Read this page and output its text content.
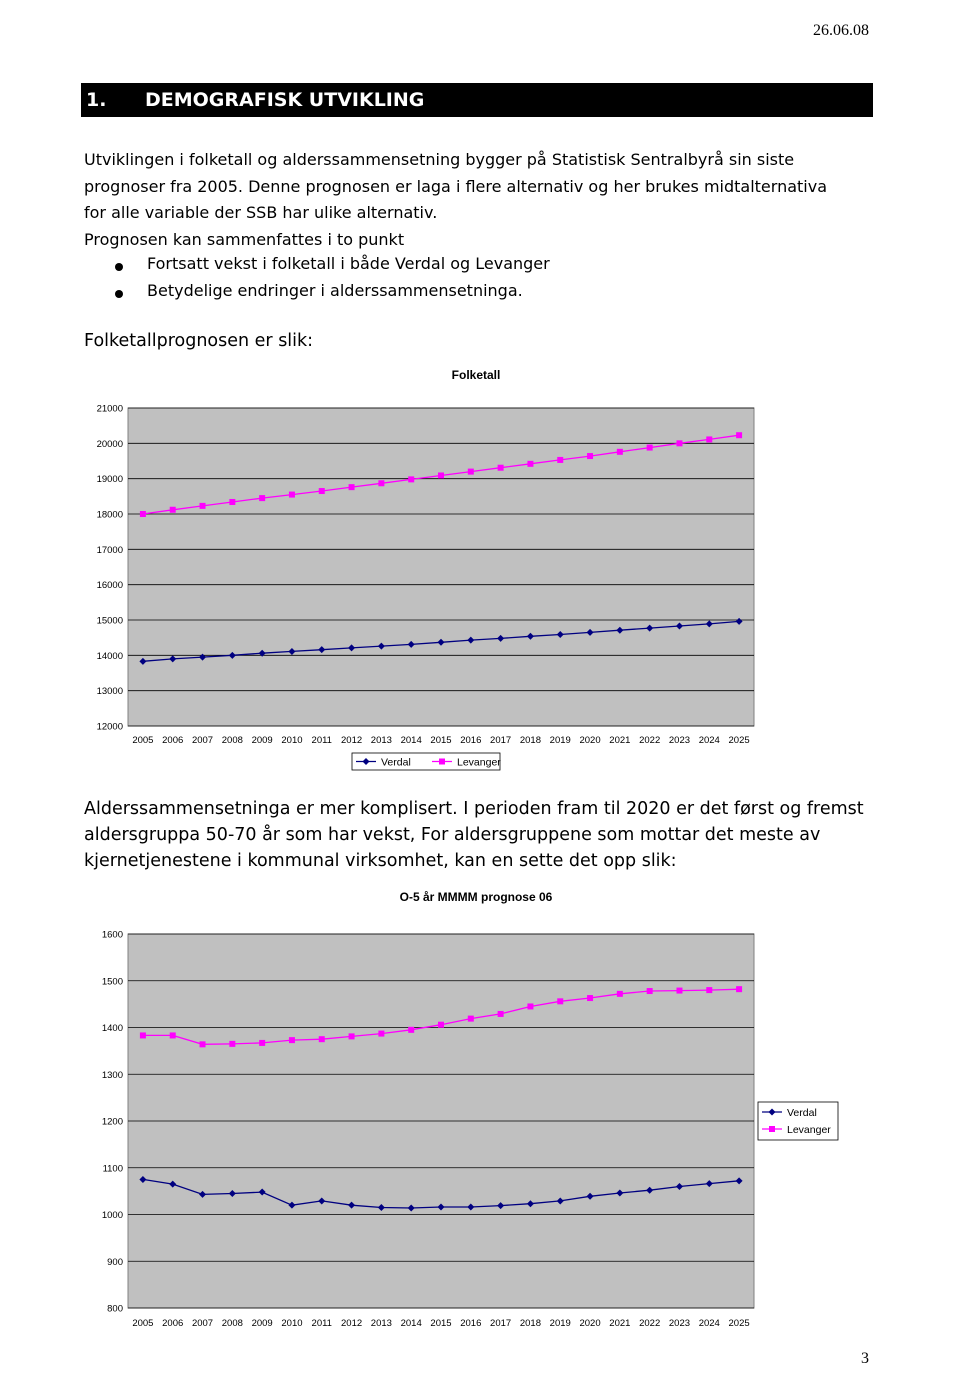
26.06.08
1.	DEMOGRAFISK UTVIKLING
Utviklingen i folketall og alderssammensetning bygger på Statistisk Sentralbyrå sin siste
prognoser fra 2005. Denne prognosen er laga i flere alternativ og her brukes midtalternativa
for alle variable der SSB har ulike alternativ.
Prognosen kan sammenfattes i to punkt
Fortsatt vekst i folketall i både Verdal og Levanger
Betydelige endringer i alderssammensetninga.
Folketallprognosen er slik:
Alderssammensetninga er mer komplisert. I perioden fram til 2020 er det først og fremst
aldersgruppa 50-70 år som har vekst, For aldersgruppene som mottar det meste av
kjernetjenestene i kommunal virksomhet, kan en sette det opp slik:
Folketall
12000
13000
14000
15000
16000
17000
18000
19000
20000
21000
2005 2006 2007 2008 2009 2010 2011 2012 2013 2014 2015 2016 2017 2018 2019 2020 2021 2022 2023 2024 2025
Verdal	Levanger
O-5 år MMMM prognose 06
800
900
1000
1100
1200
1300
1400
1500
1600
2005 2006 2007 2008 2009 2010 2011 2012 2013 2014 2015 2016 2017 2018 2019 2020 2021 2022 2023 2024 2025
Verdal
Levanger
3
